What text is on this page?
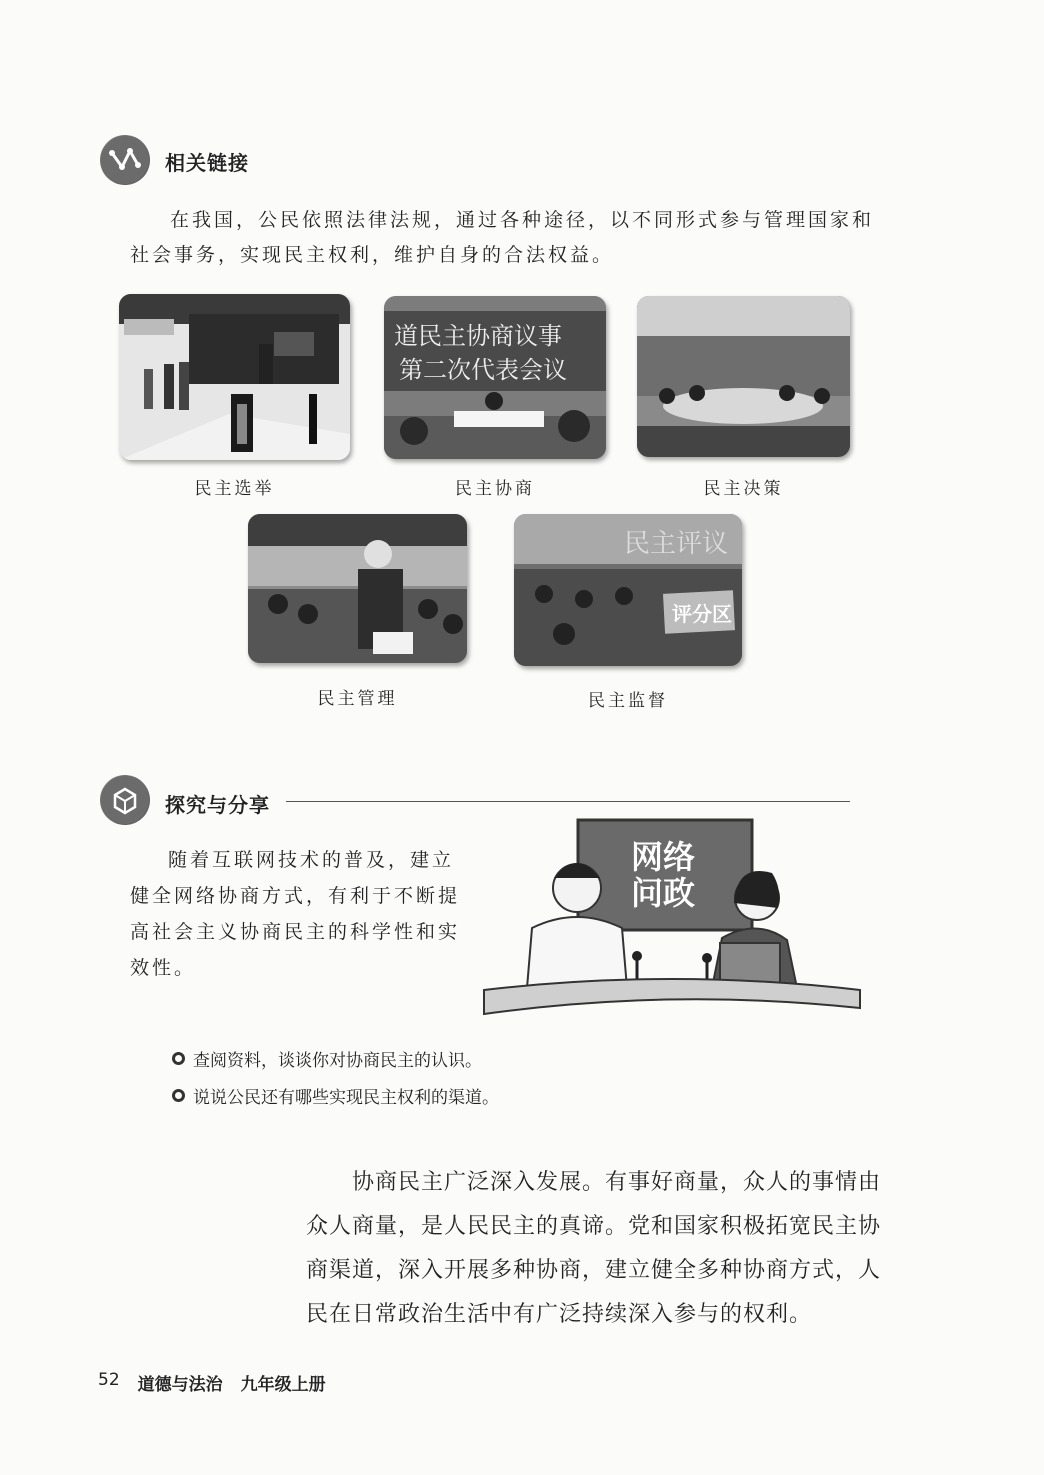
相关链接
在我国，公民依照法律法规，通过各种途径，以不同形式参与管理国家和
社会事务，实现民主权利，维护自身的合法权益。
道民主协商议事
第二次代表会议
民主选举	民主协商	民主决策
民主评议
评分区
民主管理	民主监督
探究与分享
随着互联网技术的普及，建立
健全网络协商方式，有利于不断提
高社会主义协商民主的科学性和实
效性。
网络
问政
查阅资料，谈谈你对协商民主的认识。
说说公民还有哪些实现民主权利的渠道。
协商民主广泛深入发展。有事好商量，众人的事情由
众人商量，是人民民主的真谛。党和国家积极拓宽民主协
商渠道，深入开展多种协商，建立健全多种协商方式，人
民在日常政治生活中有广泛持续深入参与的权利。
52 道德与法治 九年级上册
